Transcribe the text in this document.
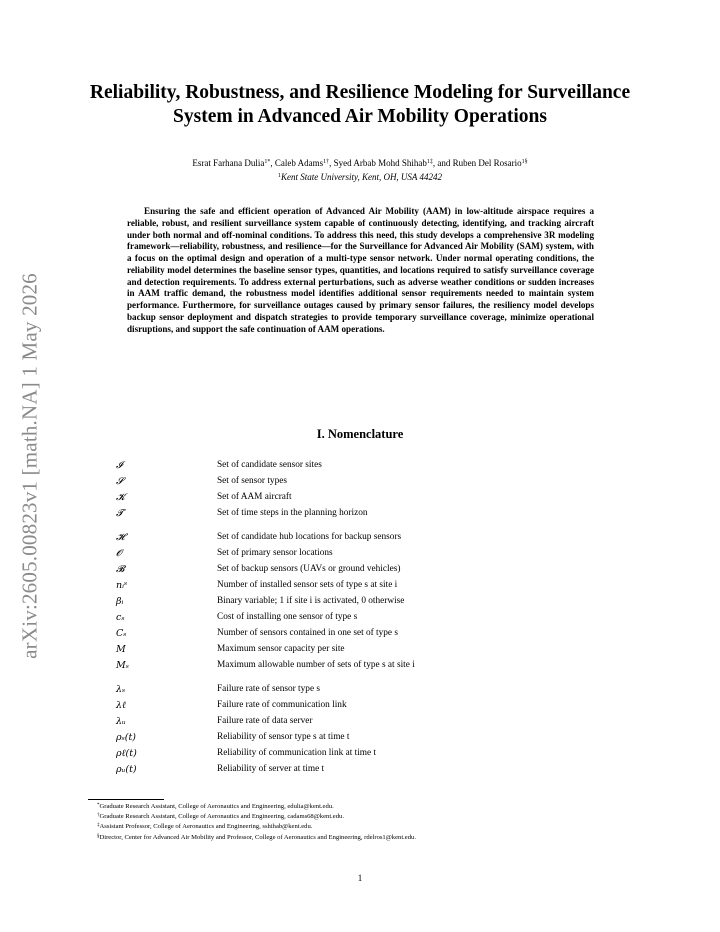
arXiv:2605.00823v1 [math.NA] 1 May 2026
Reliability, Robustness, and Resilience Modeling for Surveillance System in Advanced Air Mobility Operations
Esrat Farhana Dulia$^{1*}$, Caleb Adams$^{1\dagger}$, Syed Arbab Mohd Shihab$^{1\ddagger}$, and Ruben Del Rosario$^{1\S}$
$^1$Kent State University, Kent, OH, USA 44242

Ensuring the safe and efficient operation of Advanced Air Mobility (AAM) in low-altitude airspace requires a reliable, robust, and resilient surveillance system capable of continuously detecting, identifying, and tracking aircraft under both normal and off-nominal conditions. To address this need, this study develops a comprehensive 3R modeling framework—reliability, robustness, and resilience—for the Surveillance for Advanced Air Mobility (SAM) system, with a focus on the optimal design and operation of a multi-type sensor network. Under normal operating conditions, the reliability model determines the baseline sensor types, quantities, and locations required to satisfy surveillance coverage and detection requirements. To address external perturbations, such as adverse weather conditions or sudden increases in AAM traffic demand, the robustness model identifies additional sensor requirements needed to maintain system performance. Furthermore, for surveillance outages caused by primary sensor failures, the resiliency model develops backup sensor deployment and dispatch strategies to provide temporary surveillance coverage, minimize operational disruptions, and support the safe continuation of AAM operations.

I. Nomenclature
𝓘	Set of candidate sensor sites
𝓢	Set of sensor types
𝓚	Set of AAM aircraft
𝓣	Set of time steps in the planning horizon
𝓗	Set of candidate hub locations for backup sensors
𝓞	Set of primary sensor locations
𝓑	Set of backup sensors (UAVs or ground vehicles)
nᵢˢ	Number of installed sensor sets of type s at site i
βᵢ	Binary variable; 1 if site i is activated, 0 otherwise
cₛ	Cost of installing one sensor of type s
Cₛ	Number of sensors contained in one set of type s
M	Maximum sensor capacity per site
Mₛ	Maximum allowable number of sets of type s at site i
λₛ	Failure rate of sensor type s
λℓ	Failure rate of communication link
λᵤ	Failure rate of data server
ρₛ(t)	Reliability of sensor type s at time t
ρℓ(t)	Reliability of communication link at time t
ρᵤ(t)	Reliability of server at time t
*Graduate Research Assistant, College of Aeronautics and Engineering, edulia@kent.edu.
†Graduate Research Assistant, College of Aeronautics and Engineering, cadams68@kent.edu.
‡Assistant Professor, College of Aeronautics and Engineering, sshihab@kent.edu.
§Director, Center for Advanced Air Mobility and Professor, College of Aeronautics and Engineering, rdelros1@kent.edu.
1
